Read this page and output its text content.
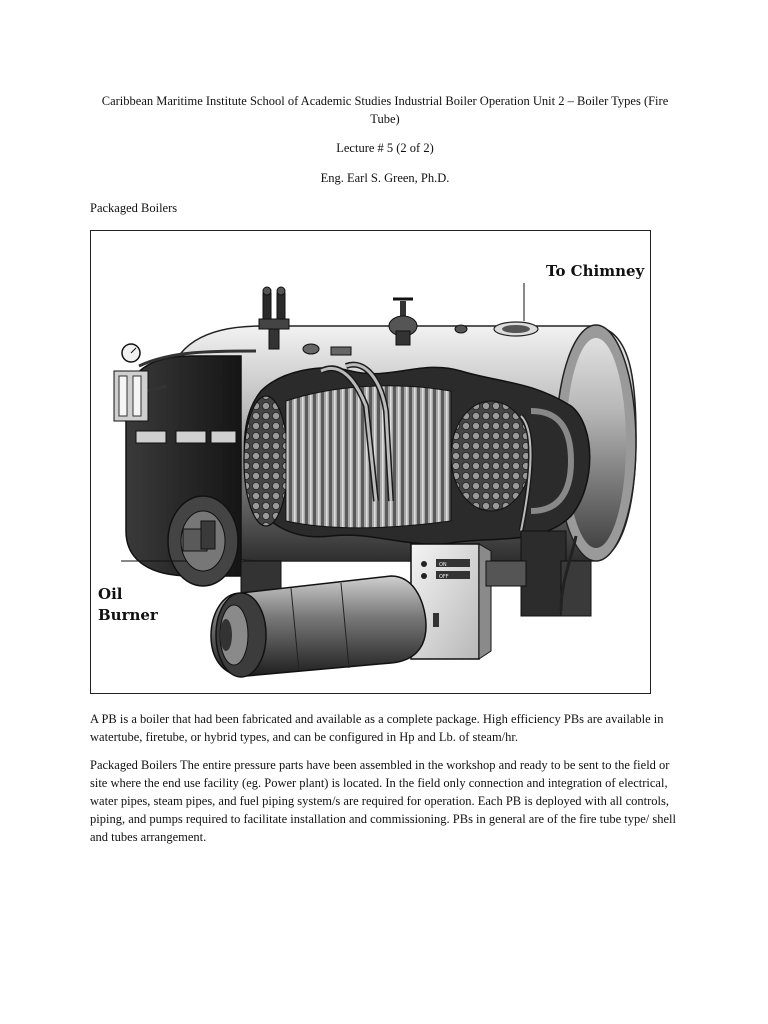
Caribbean Maritime Institute School of Academic Studies Industrial Boiler Operation Unit 2 – Boiler Types (Fire Tube)
Lecture # 5 (2 of 2)
Eng. Earl S. Green, Ph.D.
Packaged Boilers
ON
OFF
To Chimney
Oil
Burner
A PB is a boiler that had been fabricated and available as a complete package. High efficiency PBs are available in watertube, firetube, or hybrid types, and can be configured in Hp and Lb. of steam/hr.
Packaged Boilers The entire pressure parts have been assembled in the workshop and ready to be sent to the field or site where the end use facility (eg. Power plant) is located. In the field only connection and integration of electrical, water pipes, steam pipes, and fuel piping system/s are required for operation. Each PB is deployed with all controls, piping, and pumps required to facilitate installation and commissioning. PBs in general are of the fire tube type/ shell and tubes arrangement.
